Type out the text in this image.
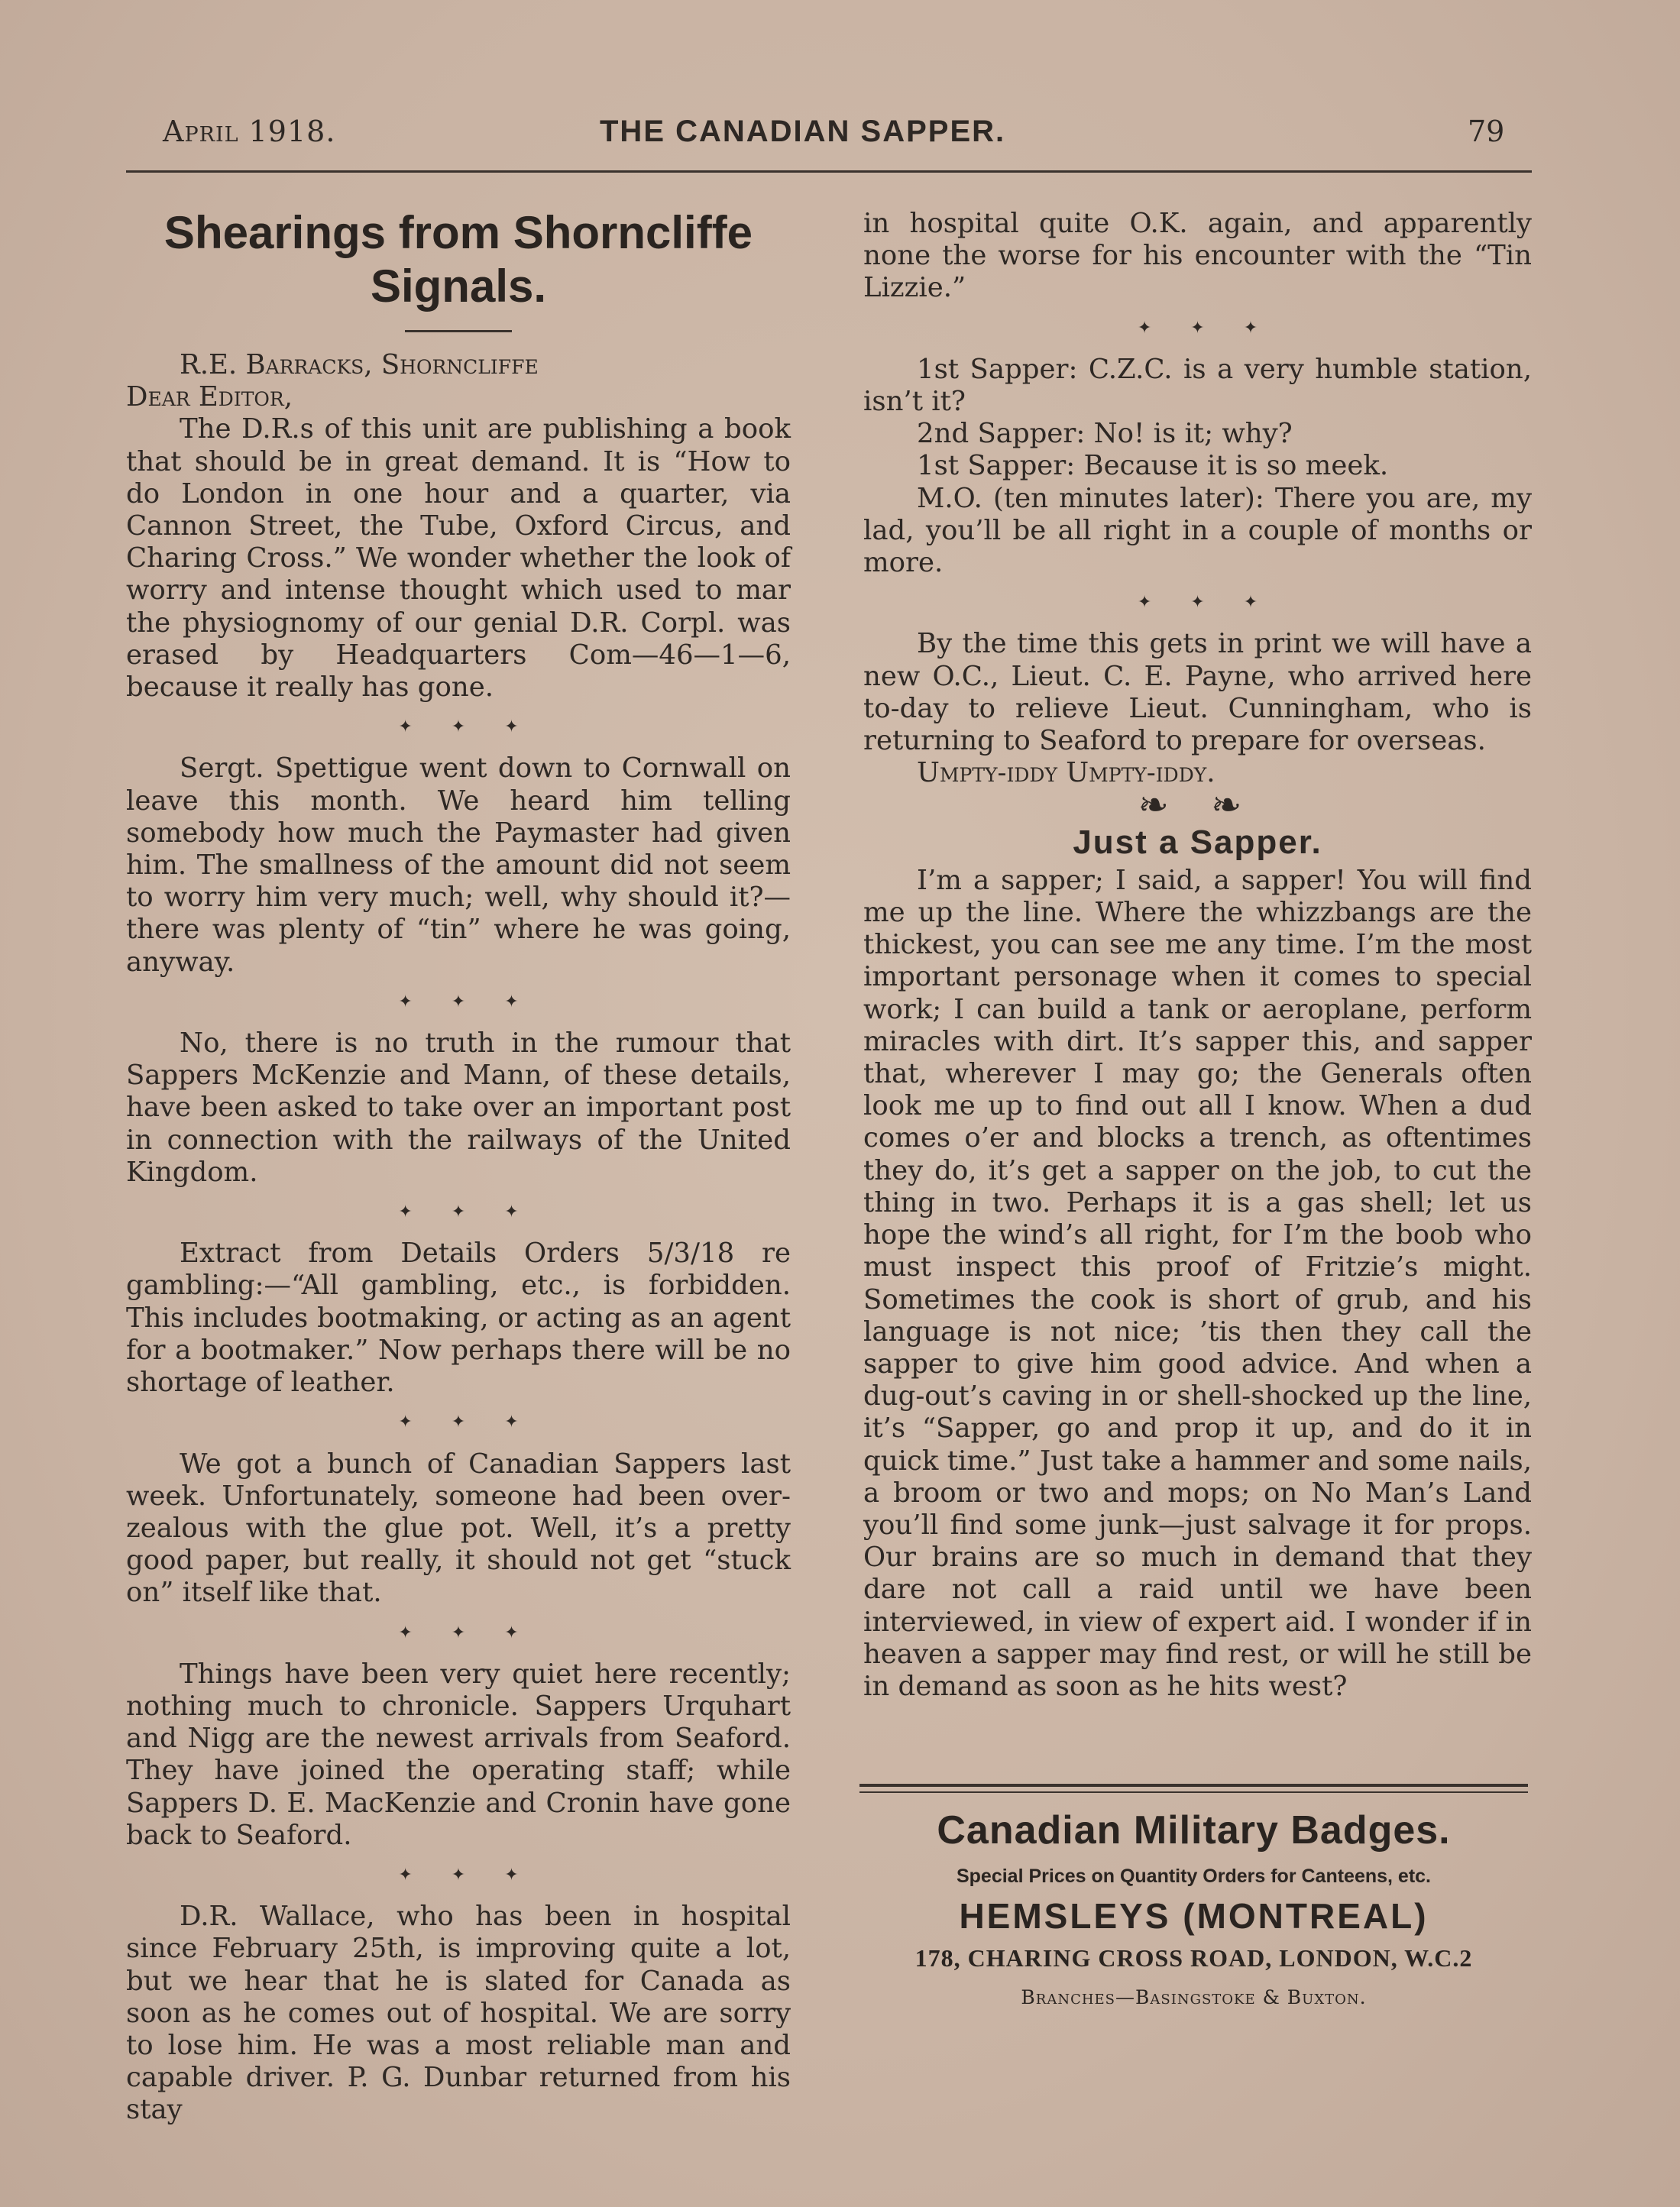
April 1918.	THE CANADIAN SAPPER.	79
Shearings from Shorncliffe Signals.

R.E. Barracks, Shorncliffe

Dear Editor,

The D.R.s of this unit are publishing a book that should be in great demand. It is “How to do London in one hour and a quarter, via Cannon Street, the Tube, Oxford Circus, and Charing Cross.” We wonder whether the look of worry and intense thought which used to mar the physiognomy of our genial D.R. Corpl. was erased by Headquarters Com—46—1—6, because it really has gone.

✦ ✦ ✦

Sergt. Spettigue went down to Cornwall on leave this month. We heard him telling somebody how much the Paymaster had given him. The smallness of the amount did not seem to worry him very much; well, why should it?—there was plenty of “tin” where he was going, anyway.

✦ ✦ ✦

No, there is no truth in the rumour that Sappers McKenzie and Mann, of these details, have been asked to take over an important post in connection with the railways of the United Kingdom.

✦ ✦ ✦

Extract from Details Orders 5/3/18 re gambling:—“All gambling, etc., is forbidden. This includes bootmaking, or acting as an agent for a bootmaker.” Now perhaps there will be no shortage of leather.

✦ ✦ ✦

We got a bunch of Canadian Sappers last week. Unfortunately, someone had been over-zealous with the glue pot. Well, it’s a pretty good paper, but really, it should not get “stuck on” itself like that.

✦ ✦ ✦

Things have been very quiet here recently; nothing much to chronicle. Sappers Urquhart and Nigg are the newest arrivals from Seaford. They have joined the operating staff; while Sappers D. E. MacKenzie and Cronin have gone back to Seaford.

✦ ✦ ✦

D.R. Wallace, who has been in hospital since February 25th, is improving quite a lot, but we hear that he is slated for Canada as soon as he comes out of hospital. We are sorry to lose him. He was a most reliable man and capable driver. P. G. Dunbar returned from his stay

in hospital quite O.K. again, and apparently none the worse for his encounter with the “Tin Lizzie.”

✦ ✦ ✦

1st Sapper: C.Z.C. is a very humble station, isn’t it?

2nd Sapper: No! is it; why?

1st Sapper: Because it is so meek.

M.O. (ten minutes later): There you are, my lad, you’ll be all right in a couple of months or more.

✦ ✦ ✦

By the time this gets in print we will have a new O.C., Lieut. C. E. Payne, who arrived here to-day to relieve Lieut. Cunningham, who is returning to Seaford to prepare for overseas.

Umpty-iddy Umpty-iddy.

❧ ❧
Just a Sapper.

I’m a sapper; I said, a sapper! You will find me up the line. Where the whizzbangs are the thickest, you can see me any time. I’m the most important personage when it comes to special work; I can build a tank or aeroplane, perform miracles with dirt. It’s sapper this, and sapper that, wherever I may go; the Generals often look me up to find out all I know. When a dud comes o’er and blocks a trench, as oftentimes they do, it’s get a sapper on the job, to cut the thing in two. Perhaps it is a gas shell; let us hope the wind’s all right, for I’m the boob who must inspect this proof of Fritzie’s might. Sometimes the cook is short of grub, and his language is not nice; ’tis then they call the sapper to give him good advice. And when a dug-out’s caving in or shell-shocked up the line, it’s “Sapper, go and prop it up, and do it in quick time.” Just take a hammer and some nails, a broom or two and mops; on No Man’s Land you’ll find some junk—just salvage it for props. Our brains are so much in demand that they dare not call a raid until we have been interviewed, in view of expert aid. I wonder if in heaven a sapper may find rest, or will he still be in demand as soon as he hits west?

Canadian Military Badges.
Special Prices on Quantity Orders for Canteens, etc.
HEMSLEYS (MONTREAL)
178, CHARING CROSS ROAD, LONDON, W.C.2
Branches—Basingstoke & Buxton.
